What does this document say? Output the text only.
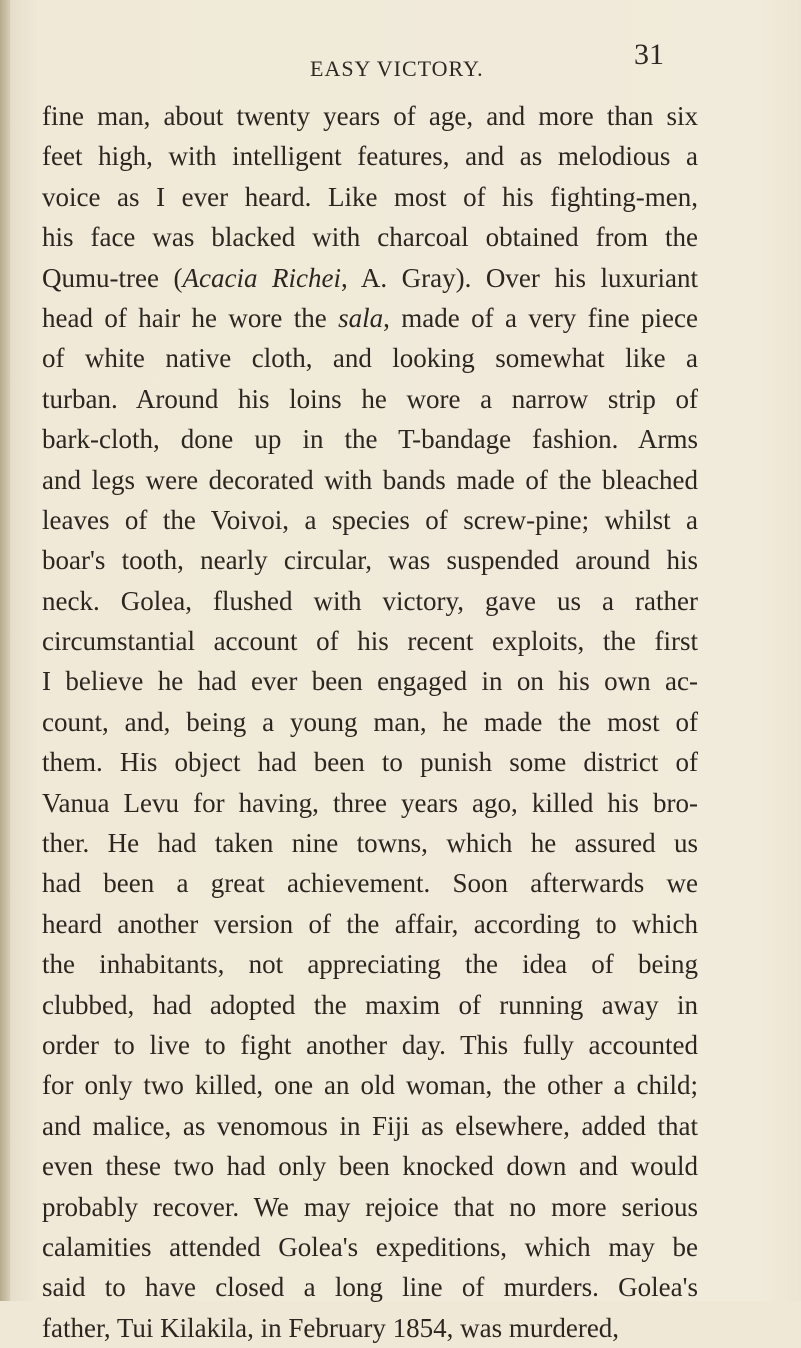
EASY VICTORY.	31
fine man, about twenty years of age, and more than six
feet high, with intelligent features, and as melodious a
voice as I ever heard. Like most of his fighting-men,
his face was blacked with charcoal obtained from the
Qumu-tree (Acacia Richei, A. Gray). Over his luxuriant
head of hair he wore the sala, made of a very fine piece
of white native cloth, and looking somewhat like a
turban. Around his loins he wore a narrow strip of
bark-cloth, done up in the T-bandage fashion. Arms
and legs were decorated with bands made of the bleached
leaves of the Voivoi, a species of screw-pine; whilst a
boar's tooth, nearly circular, was suspended around his
neck. Golea, flushed with victory, gave us a rather
circumstantial account of his recent exploits, the first
I believe he had ever been engaged in on his own ac-
count, and, being a young man, he made the most of
them. His object had been to punish some district of
Vanua Levu for having, three years ago, killed his bro-
ther. He had taken nine towns, which he assured us
had been a great achievement. Soon afterwards we
heard another version of the affair, according to which
the inhabitants, not appreciating the idea of being
clubbed, had adopted the maxim of running away in
order to live to fight another day. This fully accounted
for only two killed, one an old woman, the other a child;
and malice, as venomous in Fiji as elsewhere, added that
even these two had only been knocked down and would
probably recover. We may rejoice that no more serious
calamities attended Golea's expeditions, which may be
said to have closed a long line of murders. Golea's
father, Tui Kilakila, in February 1854, was murdered,
